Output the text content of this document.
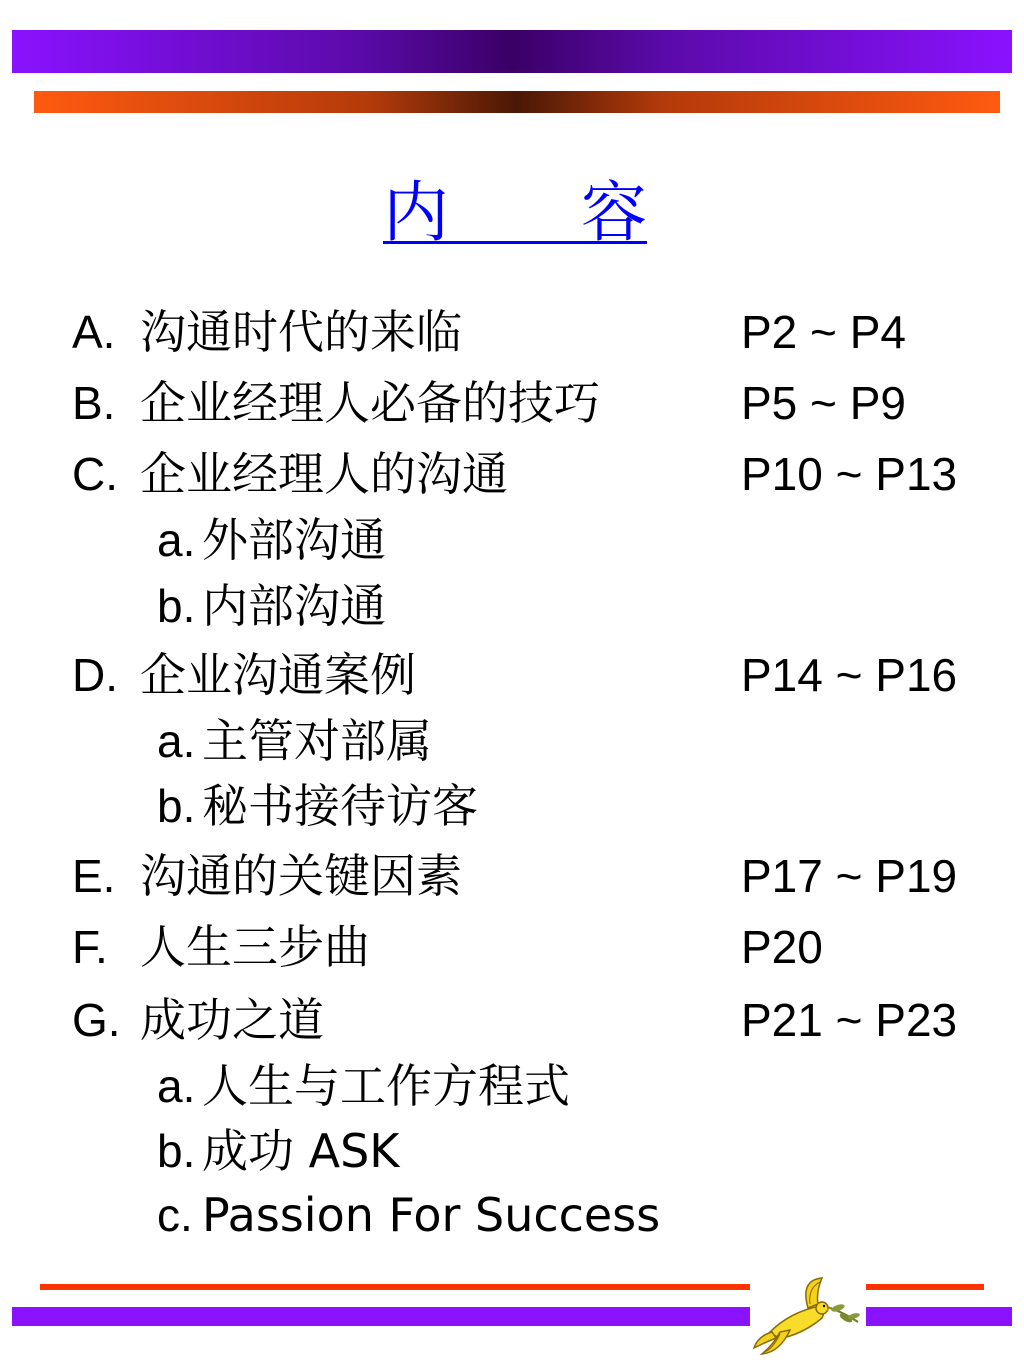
内　　容
A. 沟通时代的来临	P2 ~ P4
B. 企业经理人必备的技巧	P5 ~ P9
C. 企业经理人的沟通	P10 ~ P13
a. 外部沟通
b. 内部沟通
D. 企业沟通案例	P14 ~ P16
a. 主管对部属
b. 秘书接待访客
E. 沟通的关键因素	P17 ~ P19
F. 人生三步曲	P20
G. 成功之道	P21 ~ P23
a. 人生与工作方程式
b. 成功 ASK
c. Passion For Success
